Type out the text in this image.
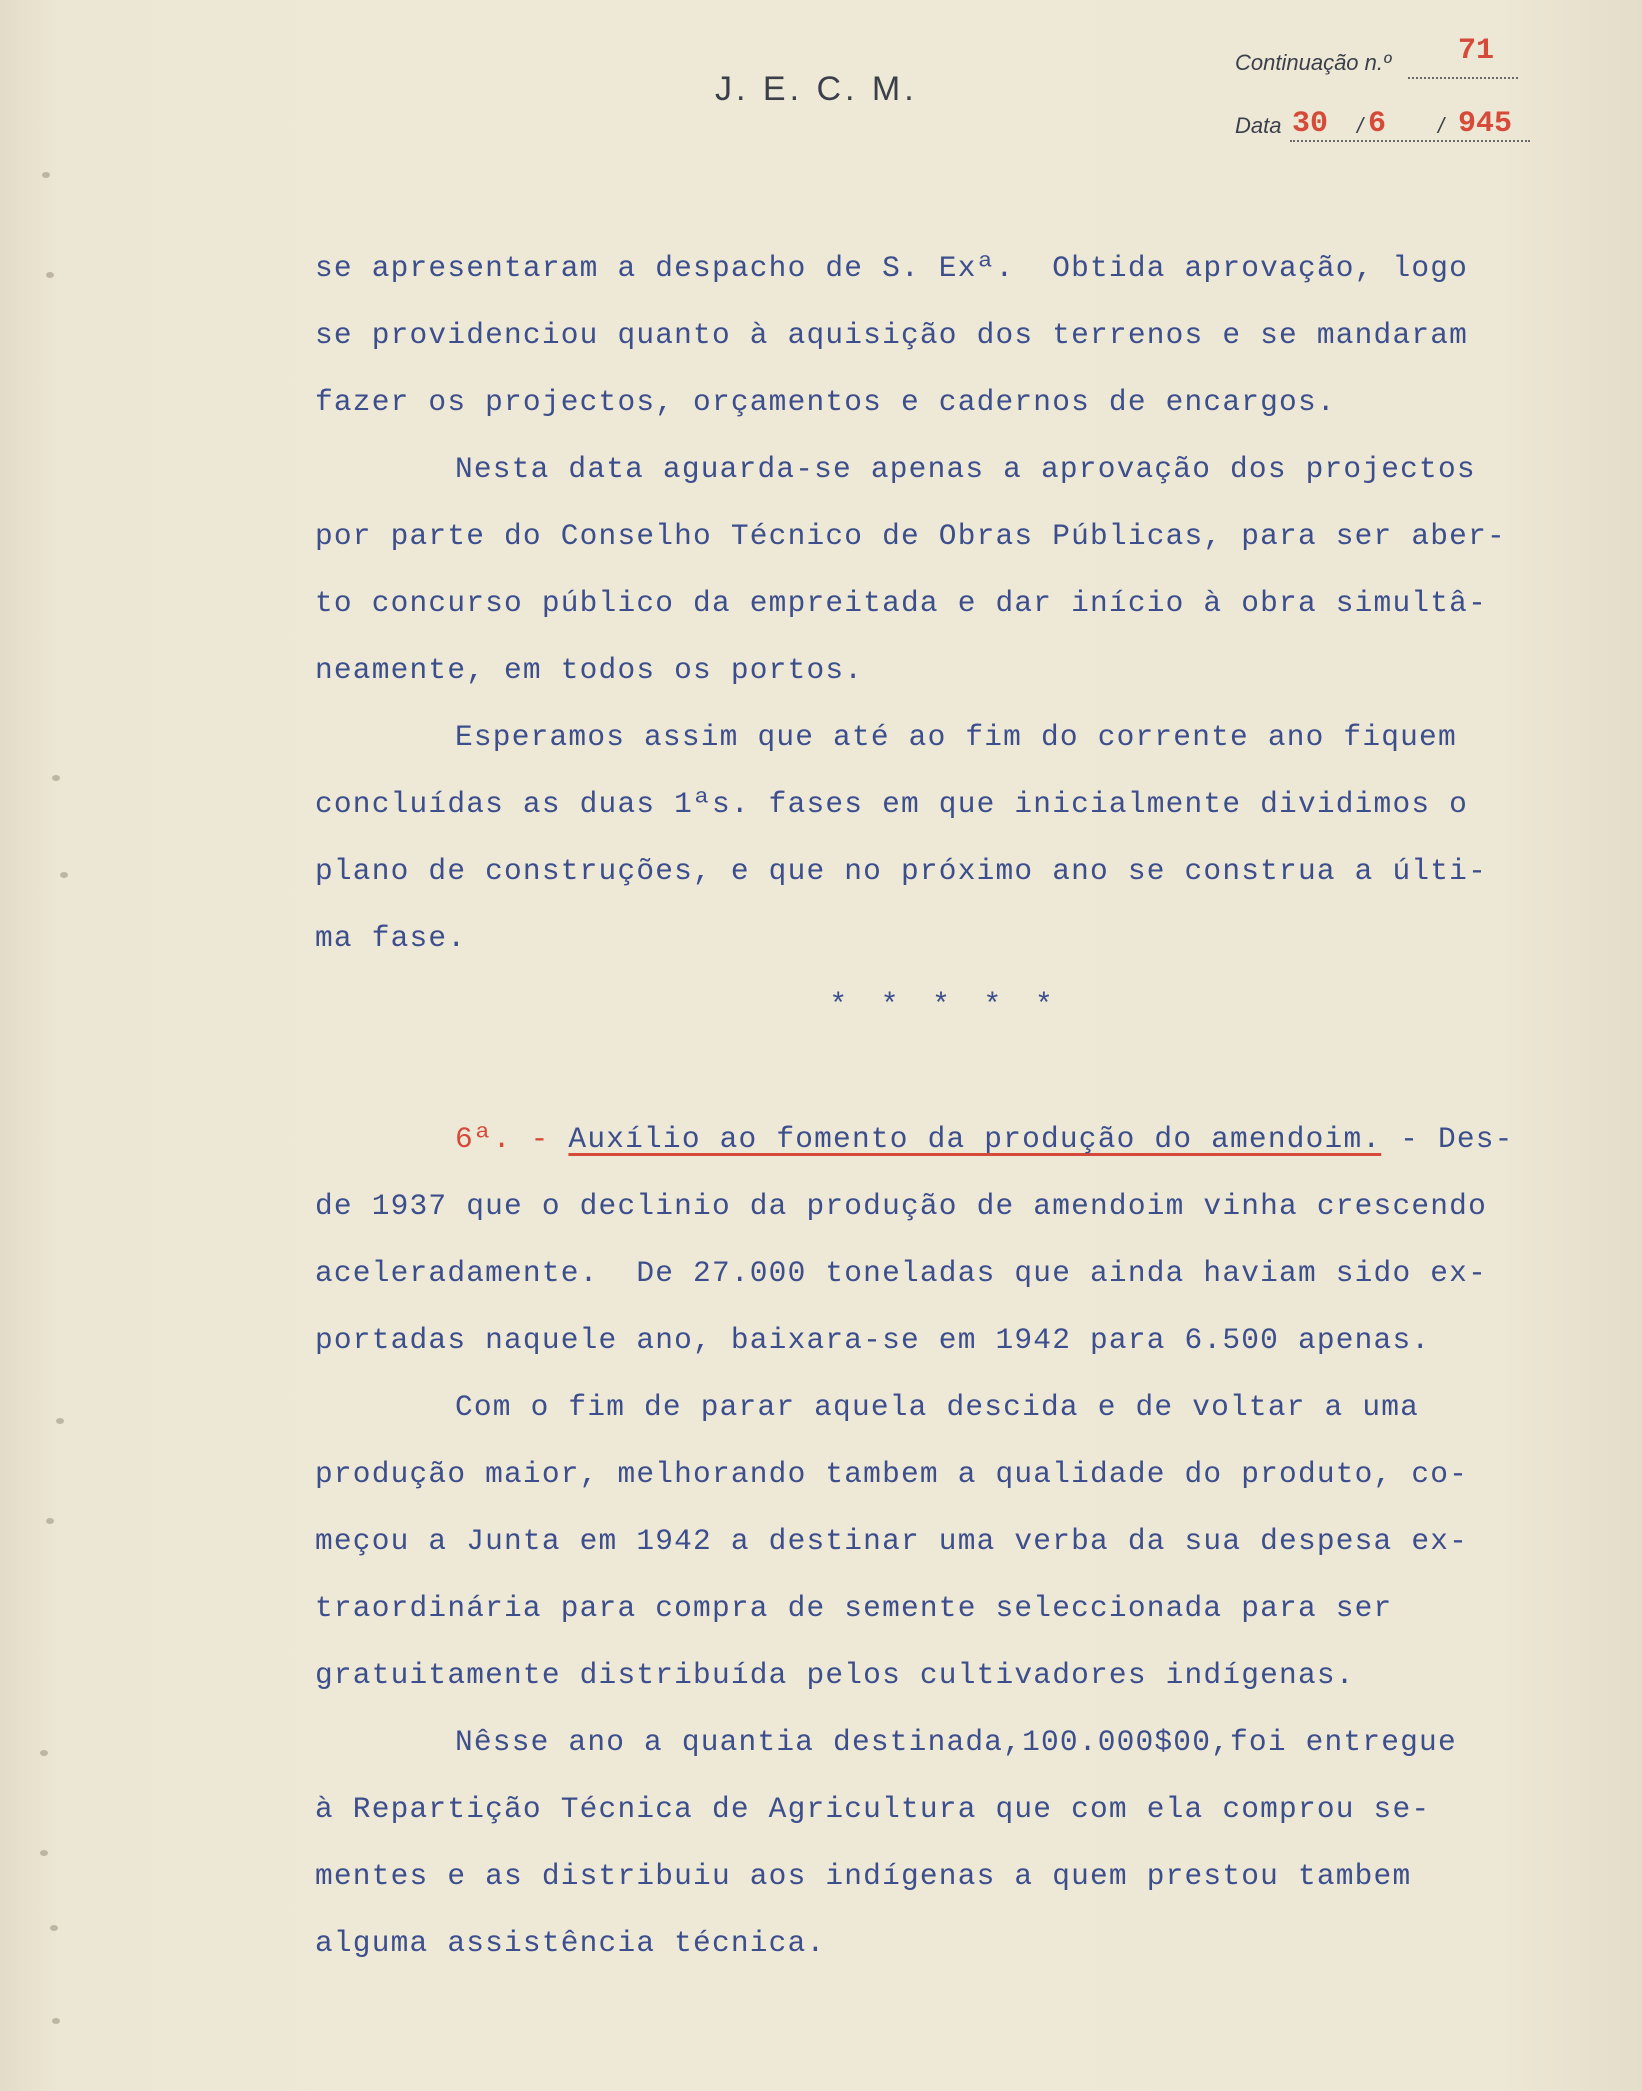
J. E. C. M.
Continuação n.º 71
Data 30 / 6 / 945
se apresentaram a despacho de S. Exª.  Obtida aprovação, logo
se providenciou quanto à aquisição dos terrenos e se mandaram
fazer os projectos, orçamentos e cadernos de encargos.
Nesta data aguarda-se apenas a aprovação dos projectos
por parte do Conselho Técnico de Obras Públicas, para ser aber-
to concurso público da empreitada e dar início à obra simultâ-
neamente, em todos os portos.
Esperamos assim que até ao fim do corrente ano fiquem
concluídas as duas 1ªs. fases em que inicialmente dividimos o
plano de construções, e que no próximo ano se construa a últi-
ma fase.
* * * * *
6ª. - Auxílio ao fomento da produção do amendoim. - Des-
de 1937 que o declinio da produção de amendoim vinha crescendo
aceleradamente.  De 27.000 toneladas que ainda haviam sido ex-
portadas naquele ano, baixara-se em 1942 para 6.500 apenas.
Com o fim de parar aquela descida e de voltar a uma
produção maior, melhorando tambem a qualidade do produto, co-
meçou a Junta em 1942 a destinar uma verba da sua despesa ex-
traordinária para compra de semente seleccionada para ser
gratuitamente distribuída pelos cultivadores indígenas.
Nêsse ano a quantia destinada,100.000$00,foi entregue
à Repartição Técnica de Agricultura que com ela comprou se-
mentes e as distribuiu aos indígenas a quem prestou tambem
alguma assistência técnica.
